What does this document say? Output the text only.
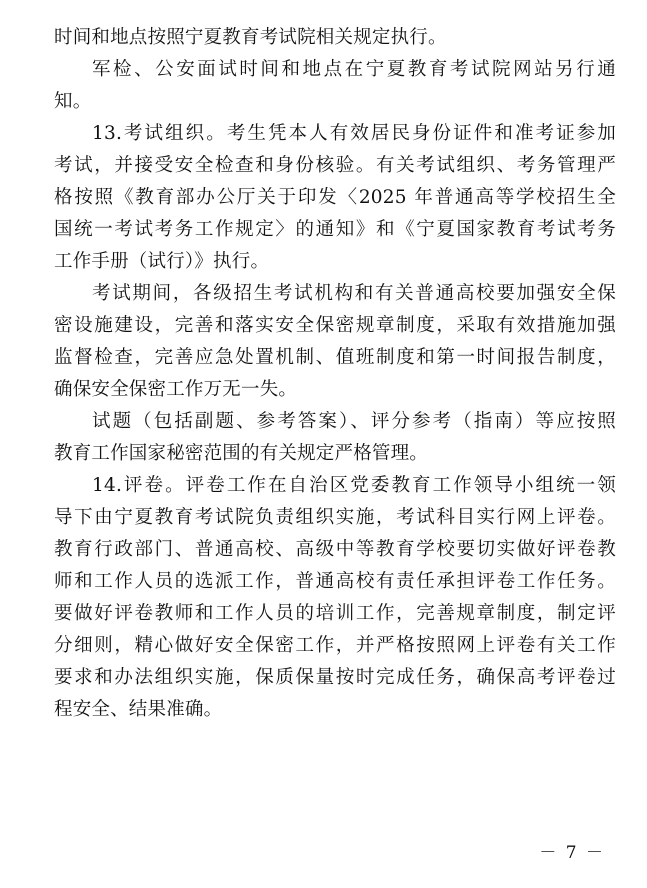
时间和地点按照宁夏教育考试院相关规定执行。
军检、公安面试时间和地点在宁夏教育考试院网站另行通
知。
13.考试组织。考生凭本人有效居民身份证件和准考证参加
考试，并接受安全检查和身份核验。有关考试组织、考务管理严
格按照《教育部办公厅关于印发〈2025 年普通高等学校招生全
国统一考试考务工作规定〉的通知》和《宁夏国家教育考试考务
工作手册（试行）》执行。
考试期间，各级招生考试机构和有关普通高校要加强安全保
密设施建设，完善和落实安全保密规章制度，采取有效措施加强
监督检查，完善应急处置机制、值班制度和第一时间报告制度，
确保安全保密工作万无一失。
试题（包括副题、参考答案）、评分参考（指南）等应按照
教育工作国家秘密范围的有关规定严格管理。
14.评卷。评卷工作在自治区党委教育工作领导小组统一领
导下由宁夏教育考试院负责组织实施，考试科目实行网上评卷。
教育行政部门、普通高校、高级中等教育学校要切实做好评卷教
师和工作人员的选派工作，普通高校有责任承担评卷工作任务。
要做好评卷教师和工作人员的培训工作，完善规章制度，制定评
分细则，精心做好安全保密工作，并严格按照网上评卷有关工作
要求和办法组织实施，保质保量按时完成任务，确保高考评卷过
程安全、结果准确。
－ 7 －
